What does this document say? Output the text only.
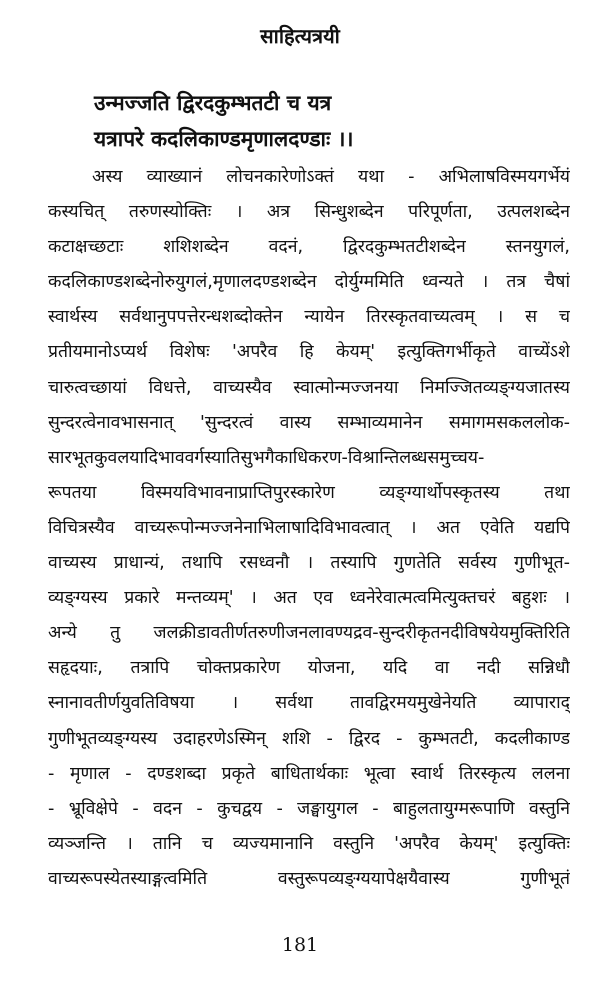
साहित्यत्रयी
उन्मज्जति द्विरदकुम्भतटी च यत्र
यत्रापरे कदलिकाण्डमृणालदण्डाः ।।
अस्य व्याख्यानं लोचनकारेणोऽक्तं यथा - अभिलाषविस्मयगर्भेयं
कस्यचित् तरुणस्योक्तिः । अत्र सिन्धुशब्देन परिपूर्णता, उत्पलशब्देन
कटाक्षच्छटाः शशिशब्देन वदनं, द्विरदकुम्भतटीशब्देन स्तनयुगलं,
कदलिकाण्डशब्देनोरुयुगलं,मृणालदण्डशब्देन दोर्युग्ममिति ध्वन्यते । तत्र चैषां
स्वार्थस्य सर्वथानुपपत्तेरन्धशब्दोक्तेन न्यायेन तिरस्कृतवाच्यत्वम् । स च
प्रतीयमानोऽप्यर्थ विशेषः 'अपरैव हि केयम्' इत्युक्तिगर्भीकृते वाच्येंऽशे
चारुत्वच्छायां विधत्ते, वाच्यस्यैव स्वात्मोन्मज्जनया निमज्जितव्यङ्ग्यजातस्य
सुन्दरत्वेनावभासनात् 'सुन्दरत्वं वास्य सम्भाव्यमानेन समागमसकललोक-
सारभूतकुवलयादिभाववर्गस्यातिसुभगैकाधिकरण-विश्रान्तिलब्धसमुच्चय-
रूपतया विस्मयविभावनाप्राप्तिपुरस्कारेण व्यङ्ग्यार्थोपस्कृतस्य तथा
विचित्रस्यैव वाच्यरूपोन्मज्जनेनाभिलाषादिविभावत्वात् । अत एवेति यद्यपि
वाच्यस्य प्राधान्यं, तथापि रसध्वनौ । तस्यापि गुणतेति सर्वस्य गुणीभूत-
व्यङ्ग्यस्य प्रकारे मन्तव्यम्' । अत एव ध्वनेरेवात्मत्वमित्युक्तचरं बहुशः ।
अन्ये तु जलक्रीडावतीर्णतरुणीजनलावण्यद्रव-सुन्दरीकृतनदीविषयेयमुक्तिरिति
सहृदयाः, तत्रापि चोक्तप्रकारेण योजना, यदि वा नदी सन्निधौ
स्नानावतीर्णयुवतिविषया । सर्वथा तावद्विरमयमुखेनेयति व्यापाराद्
गुणीभूतव्यङ्ग्यस्य उदाहरणेऽस्मिन् शशि - द्विरद - कुम्भतटी, कदलीकाण्ड
- मृणाल - दण्डशब्दा प्रकृते बाधितार्थकाः भूत्वा स्वार्थ तिरस्कृत्य ललना
- भ्रूविक्षेपे - वदन - कुचद्वय - जङ्घायुगल - बाहुलतायुग्मरूपाणि वस्तुनि
व्यञ्जन्ति । तानि च व्यज्यमानानि वस्तुनि 'अपरैव केयम्' इत्युक्तिः
वाच्यरूपस्येतस्याङ्गत्वमिति वस्तुरूपव्यङ्ग्ययापेक्षयैवास्य गुणीभूतं
181
